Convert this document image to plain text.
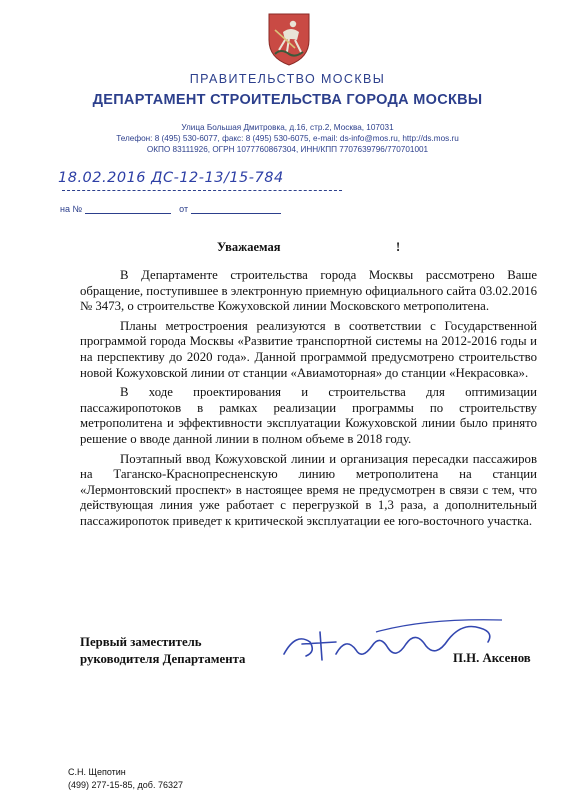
ПРАВИТЕЛЬСТВО МОСКВЫ
ДЕПАРТАМЕНТ СТРОИТЕЛЬСТВА ГОРОДА МОСКВЫ
Улица Большая Дмитровка, д.16, стр.2, Москва, 107031
Телефон: 8 (495) 530-6077, факс: 8 (495) 530-6075, e-mail: ds-info@mos.ru, http://ds.mos.ru
ОКПО 83111926, ОГРН 1077760867304, ИНН/КПП 7707639796/770701001
18.02.2016 ДС-12-13/15-784
на №	от
Уважаемая	!

В Департаменте строительства города Москвы рассмотрено Ваше обращение, поступившее в электронную приемную официального сайта 03.02.2016 № 3473, о строительстве Кожуховской линии Московского метрополитена.

Планы метростроения реализуются в соответствии с Государственной программой города Москвы «Развитие транспортной системы на 2012-2016 годы и на перспективу до 2020 года». Данной программой предусмотрено строительство новой Кожуховской линии от станции «Авиамоторная» до станции «Некрасовка».

В ходе проектирования и строительства для оптимизации пассажиропотоков в рамках реализации программы по строительству метрополитена и эффективности эксплуатации Кожуховской линии было принято решение о вводе данной линии в полном объеме в 2018 году.

Поэтапный ввод Кожуховской линии и организация пересадки пассажиров на Таганско-Краснопресненскую линию метрополитена на станции «Лермонтовский проспект» в настоящее время не предусмотрен в связи с тем, что действующая линия уже работает с перегрузкой в 1,3 раза, а дополнительный пассажиропоток приведет к критической эксплуатации ее юго-восточного участка.

Первый заместитель
руководителя Департамента	П.Н. Аксенов
С.Н. Щепотин
(499) 277-15-85, доб. 76327
